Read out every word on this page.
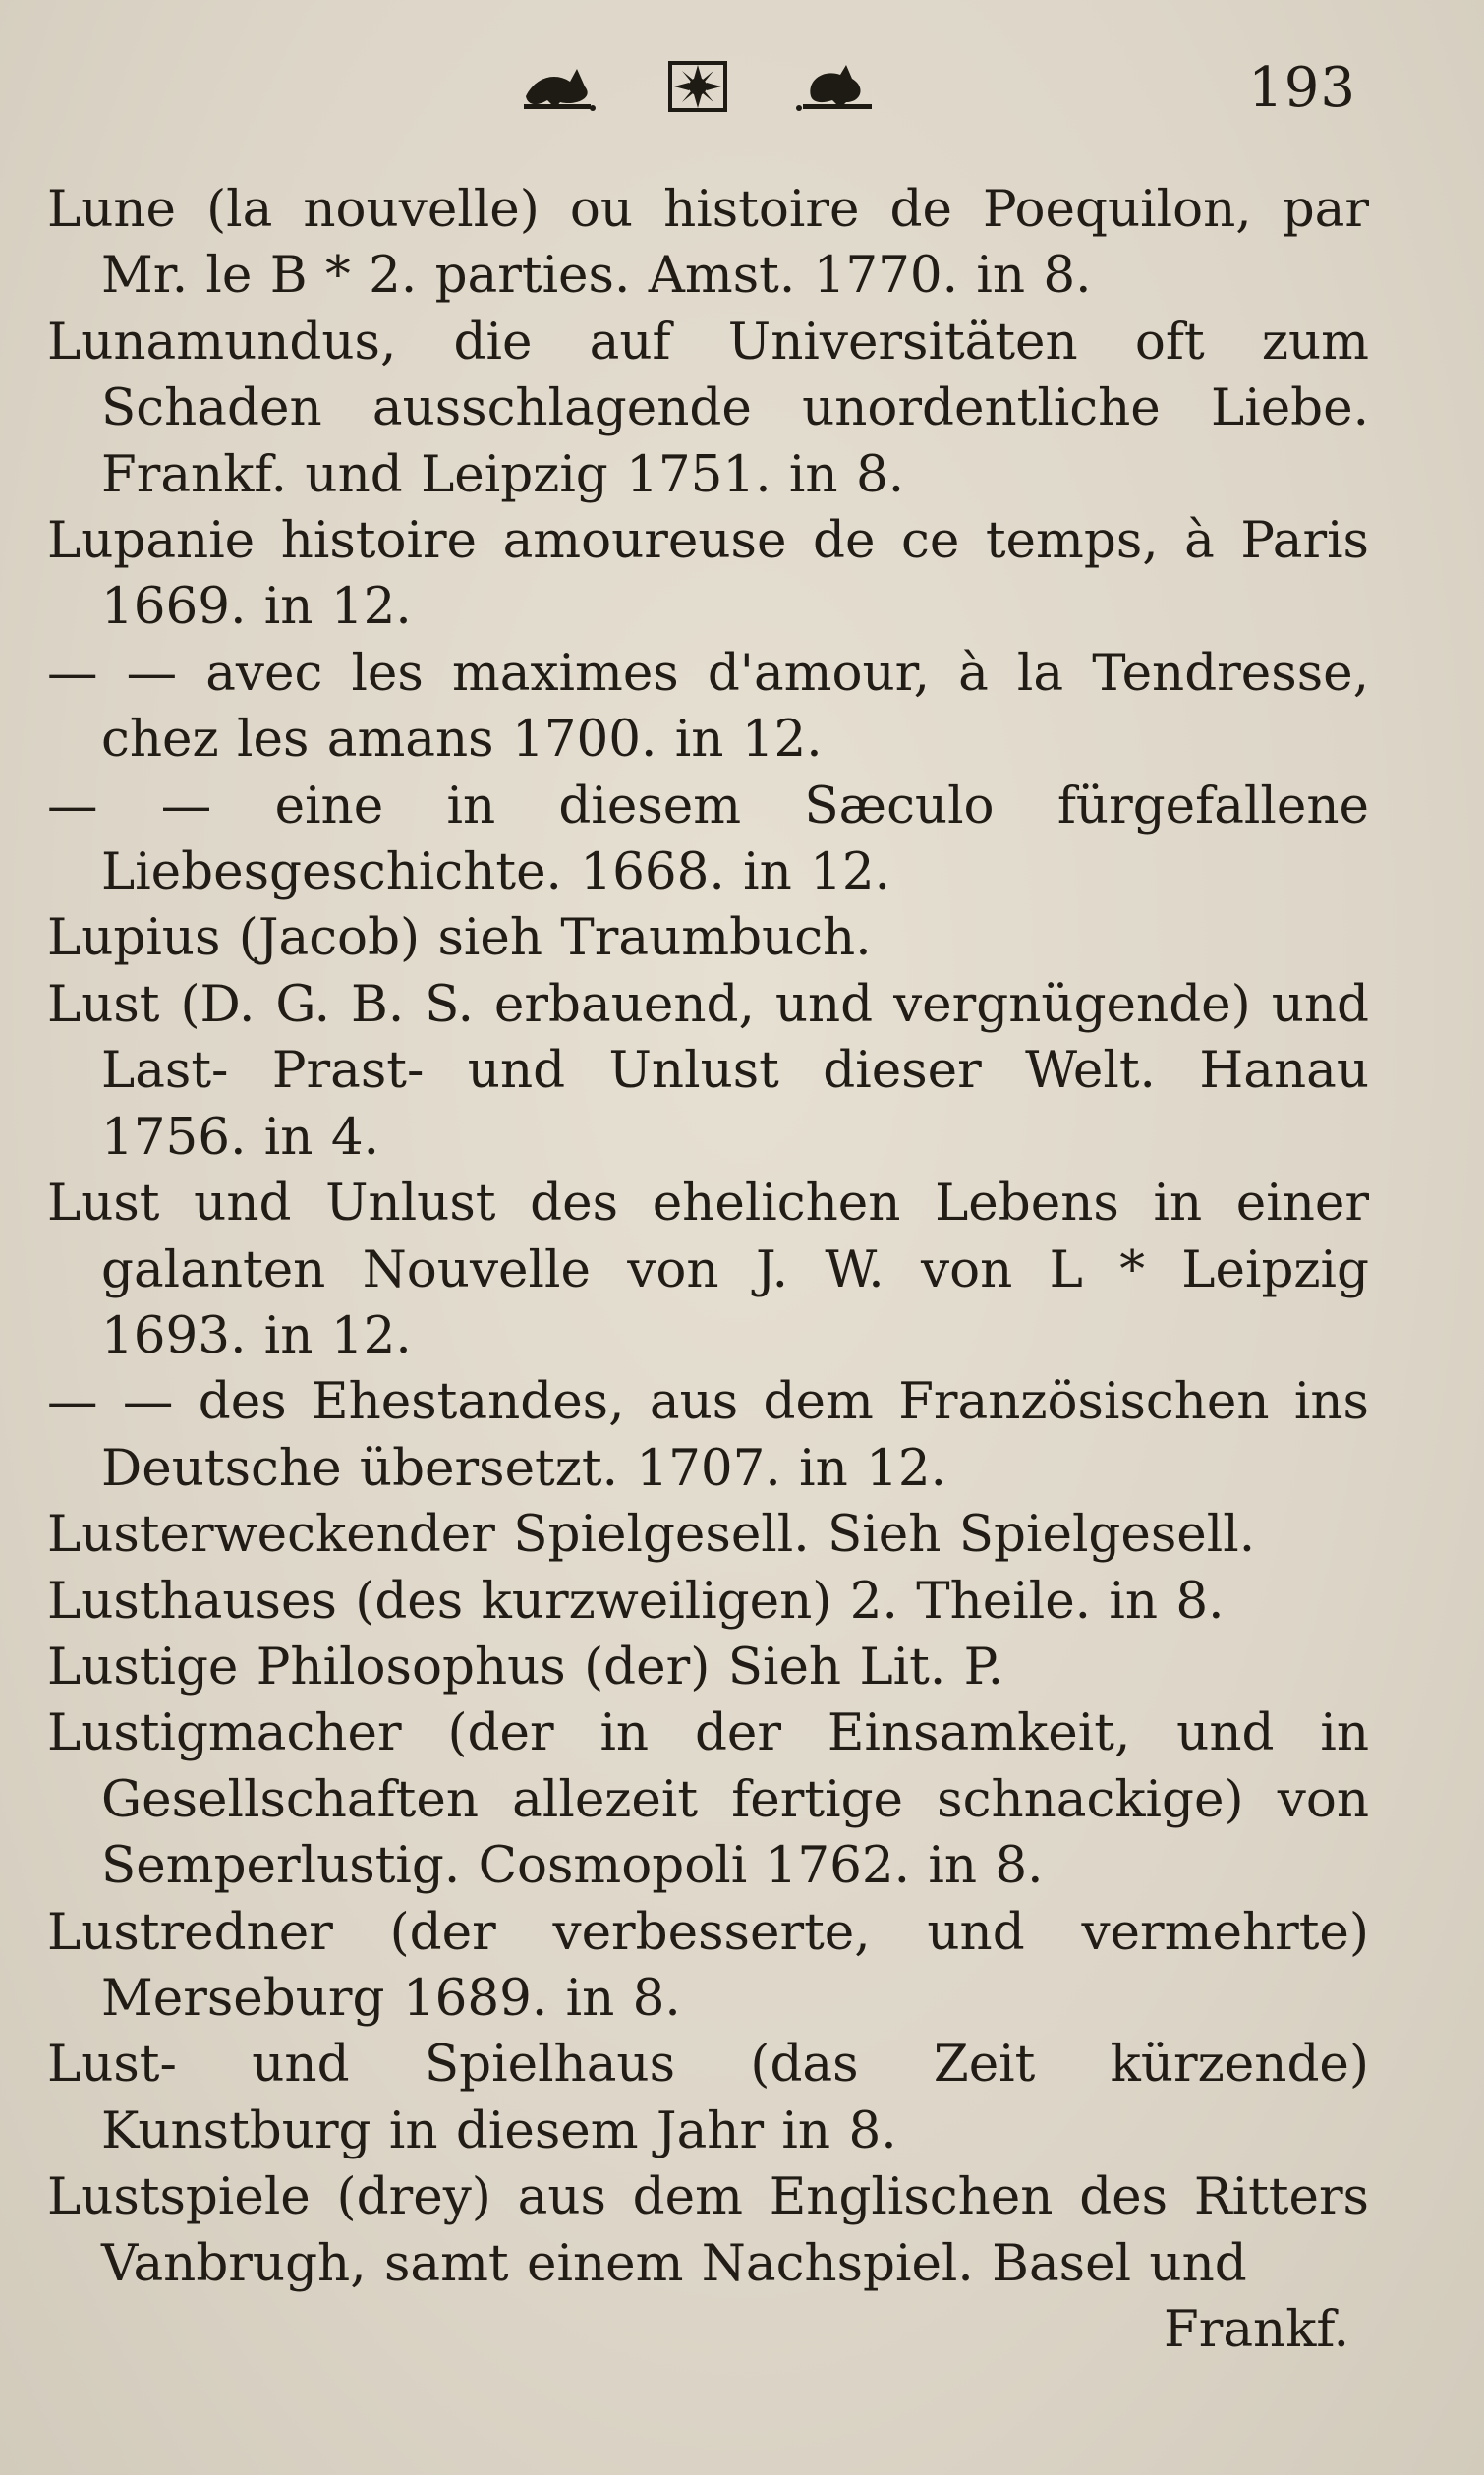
193

Lune (la nouvelle) ou histoire de Poequilon, par Mr. le B * 2. parties. Amst. 1770. in 8.

Lunamundus, die auf Universitäten oft zum Schaden ausschlagende unordentliche Liebe. Frankf. und Leipzig 1751. in 8.

Lupanie histoire amoureuse de ce temps, à Paris 1669. in 12.

— — avec les maximes d'amour, à la Tendresse, chez les amans 1700. in 12.

— — eine in diesem Sæculo fürgefallene Liebesgeschichte. 1668. in 12.

Lupius (Jacob) sieh Traumbuch.

Lust (D. G. B. S. erbauend, und vergnügende) und Last- Prast- und Unlust dieser Welt. Hanau 1756. in 4.

Lust und Unlust des ehelichen Lebens in einer galanten Nouvelle von J. W. von L * Leipzig 1693. in 12.

— — des Ehestandes, aus dem Französischen ins Deutsche übersetzt. 1707. in 12.

Lusterweckender Spielgesell. Sieh Spielgesell.

Lusthauses (des kurzweiligen) 2. Theile. in 8.

Lustige Philosophus (der) Sieh Lit. P.

Lustigmacher (der in der Einsamkeit, und in Gesellschaften allezeit fertige schnackige) von Semperlustig. Cosmopoli 1762. in 8.

Lustredner (der verbesserte, und vermehrte) Merseburg 1689. in 8.

Lust- und Spielhaus (das Zeit kürzende) Kunstburg in diesem Jahr in 8.

Lustspiele (drey) aus dem Englischen des Ritters Vanbrugh, samt einem Nachspiel. Basel und

Frankf.
